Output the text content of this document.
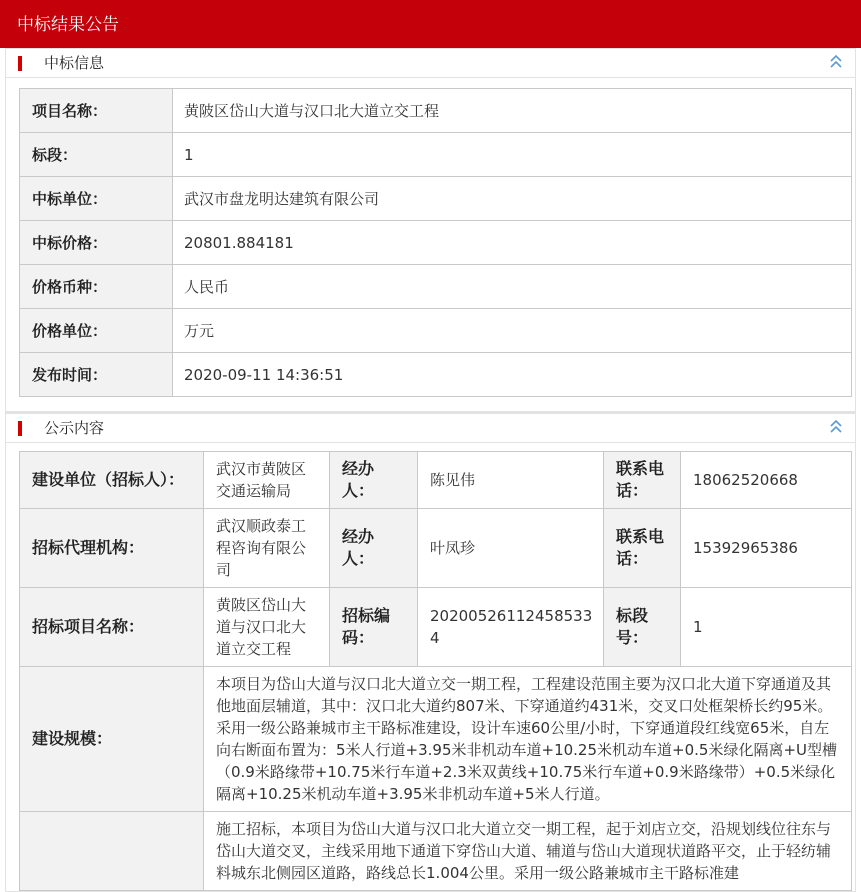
中标结果公告
中标信息
项目名称：	黄陂区岱山大道与汉口北大道立交工程
标段：	1
中标单位：	武汉市盘龙明达建筑有限公司
中标价格：	20801.884181
价格币种：	人民币
价格单位：	万元
发布时间：	2020-09-11 14:36:51
公示内容
建设单位（招标人）：	武汉市黄陂区交通运输局	经办人：	陈见伟	联系电话：	18062520668
招标代理机构：	武汉顺政泰工程咨询有限公司	经办人：	叶凤珍	联系电话：	15392965386
招标项目名称：	黄陂区岱山大道与汉口北大道立交工程	招标编码：	20200526112458533​4	标段号：	1
建设规模：	本项目为岱山大道与汉口北大道立交一期工程，工程建设范围主要为汉口北大道下穿通道及其他地面层辅道，其中：汉口北大道约807米、下穿通道约431米，交叉口处框架桥长约95米。采用一级公路兼城市主干路标准建设，设计车速60公里/小时，下穿通道段红线宽65米，自左向右断面布置为：5米人行道+3.95米非机动车道+10.25米机动车道+0.5米绿化隔离+U型槽（0.9米路缘带+10.75米行车道+2.3米双黄线+10.75米行车道+0.9米路缘带）+0.5米绿化隔离+10.25米机动车道+3.95米非机动车道+5米人行道。				
	施工招标，本项目为岱山大道与汉口北大道立交一期工程，起于刘店立交，沿规划线位往东与岱山大道交叉，主线采用地下通道下穿岱山大道、辅道与岱山大道现状道路平交，止于轻纺辅料城东北侧园区道路，路线总长1.004公里。采用一级公路兼城市主干路标准建				
